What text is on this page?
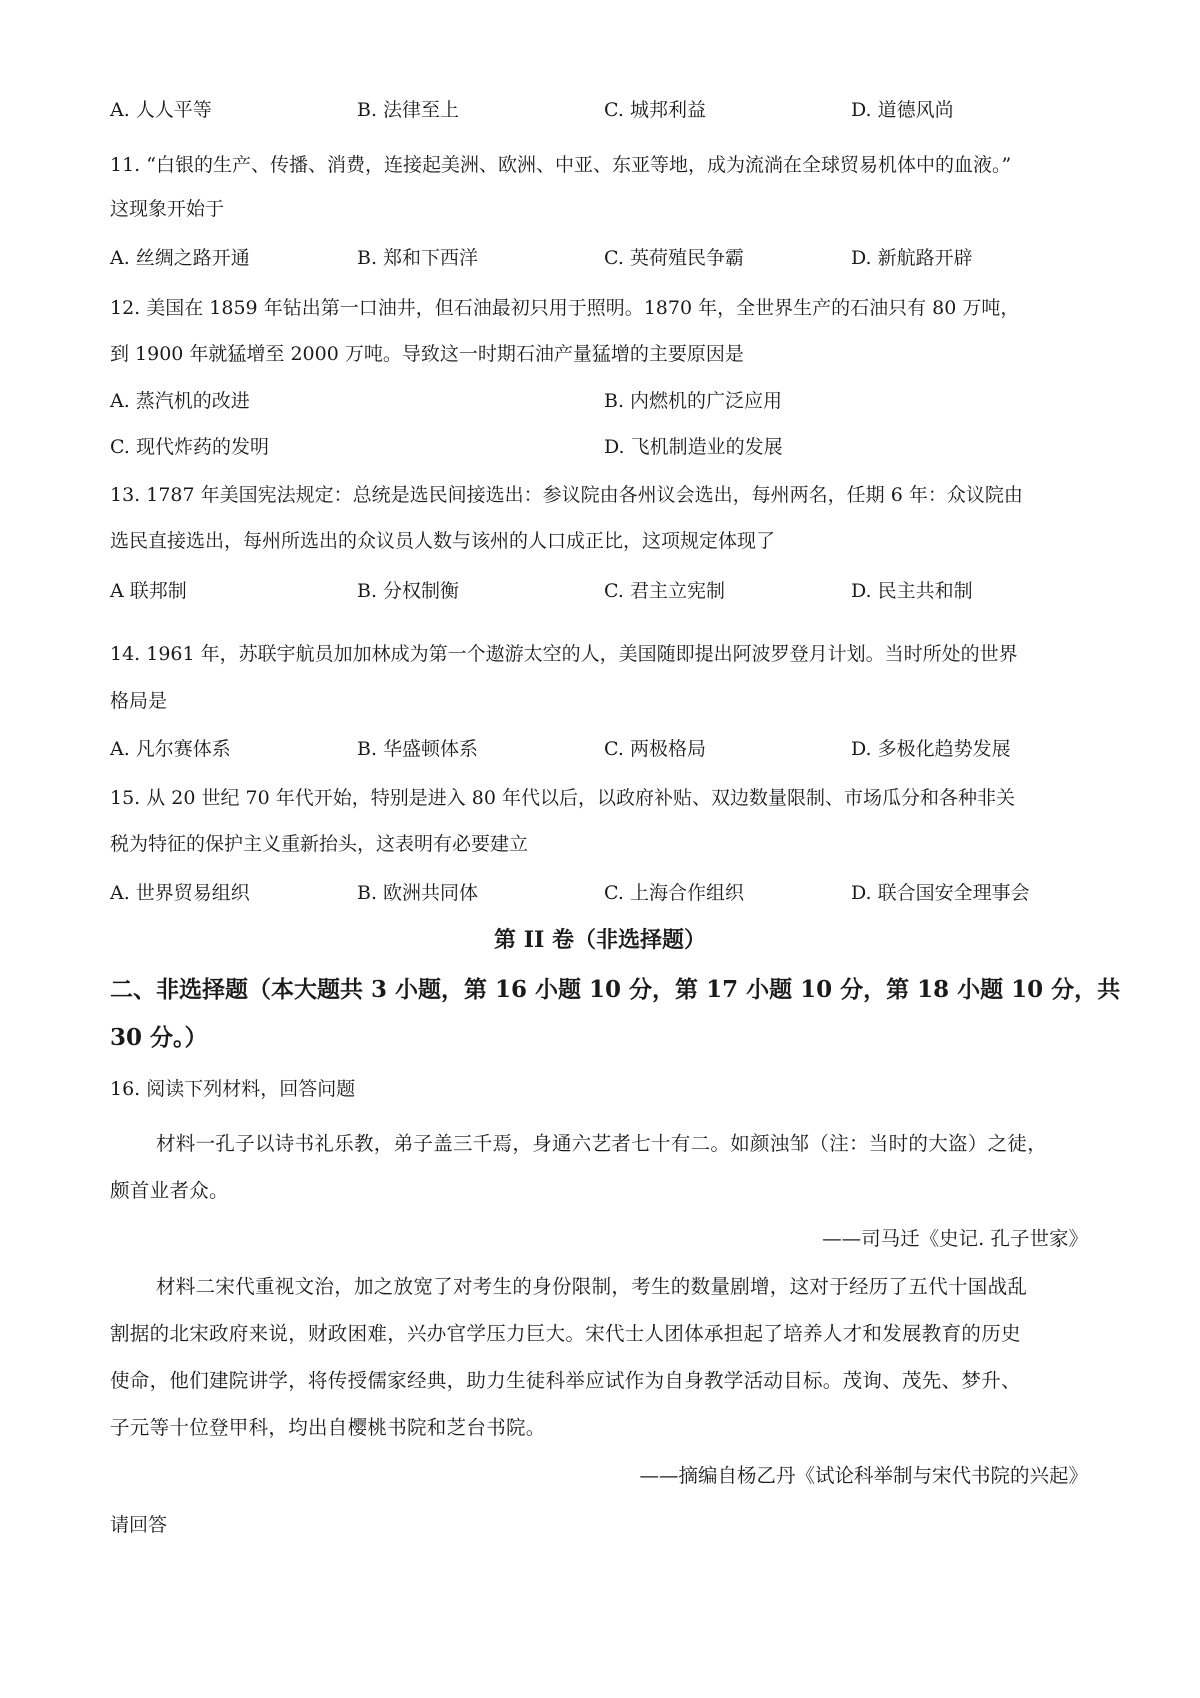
A. 人人平等	B. 法律至上	C. 城邦利益	D. 道德风尚
11. “白银的生产、传播、消费，连接起美洲、欧洲、中亚、东亚等地，成为流淌在全球贸易机体中的血液。”
这现象开始于
A. 丝绸之路开通	B. 郑和下西洋	C. 英荷殖民争霸	D. 新航路开辟
12. 美国在 1859 年钻出第一口油井，但石油最初只用于照明。1870 年，全世界生产的石油只有 80 万吨，
到 1900 年就猛增至 2000 万吨。导致这一时期石油产量猛增的主要原因是
A. 蒸汽机的改进	B. 内燃机的广泛应用
C. 现代炸药的发明	D. 飞机制造业的发展
13. 1787 年美国宪法规定：总统是选民间接选出：参议院由各州议会选出，每州两名，任期 6 年：众议院由
选民直接选出，每州所选出的众议员人数与该州的人口成正比，这项规定体现了
A 联邦制	B. 分权制衡	C. 君主立宪制	D. 民主共和制
14. 1961 年，苏联宇航员加加林成为第一个遨游太空的人，美国随即提出阿波罗登月计划。当时所处的世界
格局是
A. 凡尔赛体系	B. 华盛顿体系	C. 两极格局	D. 多极化趋势发展
15. 从 20 世纪 70 年代开始，特别是进入 80 年代以后，以政府补贴、双边数量限制、市场瓜分和各种非关
税为特征的保护主义重新抬头，这表明有必要建立
A. 世界贸易组织	B. 欧洲共同体	C. 上海合作组织	D. 联合国安全理事会
第 II 卷（非选择题）
二、非选择题（本大题共 3 小题，第 16 小题 10 分，第 17 小题 10 分，第 18 小题 10 分，共
30 分。）
16. 阅读下列材料，回答问题
材料一孔子以诗书礼乐教，弟子盖三千焉，身通六艺者七十有二。如颜浊邹（注：当时的大盗）之徒，
颇首业者众。
——司马迁《史记. 孔子世家》
材料二宋代重视文治，加之放宽了对考生的身份限制，考生的数量剧增，这对于经历了五代十国战乱
割据的北宋政府来说，财政困难，兴办官学压力巨大。宋代士人团体承担起了培养人才和发展教育的历史
使命，他们建院讲学，将传授儒家经典，助力生徒科举应试作为自身教学活动目标。茂询、茂先、梦升、
子元等十位登甲科，均出自樱桃书院和芝台书院。
——摘编自杨乙丹《试论科举制与宋代书院的兴起》
请回答
